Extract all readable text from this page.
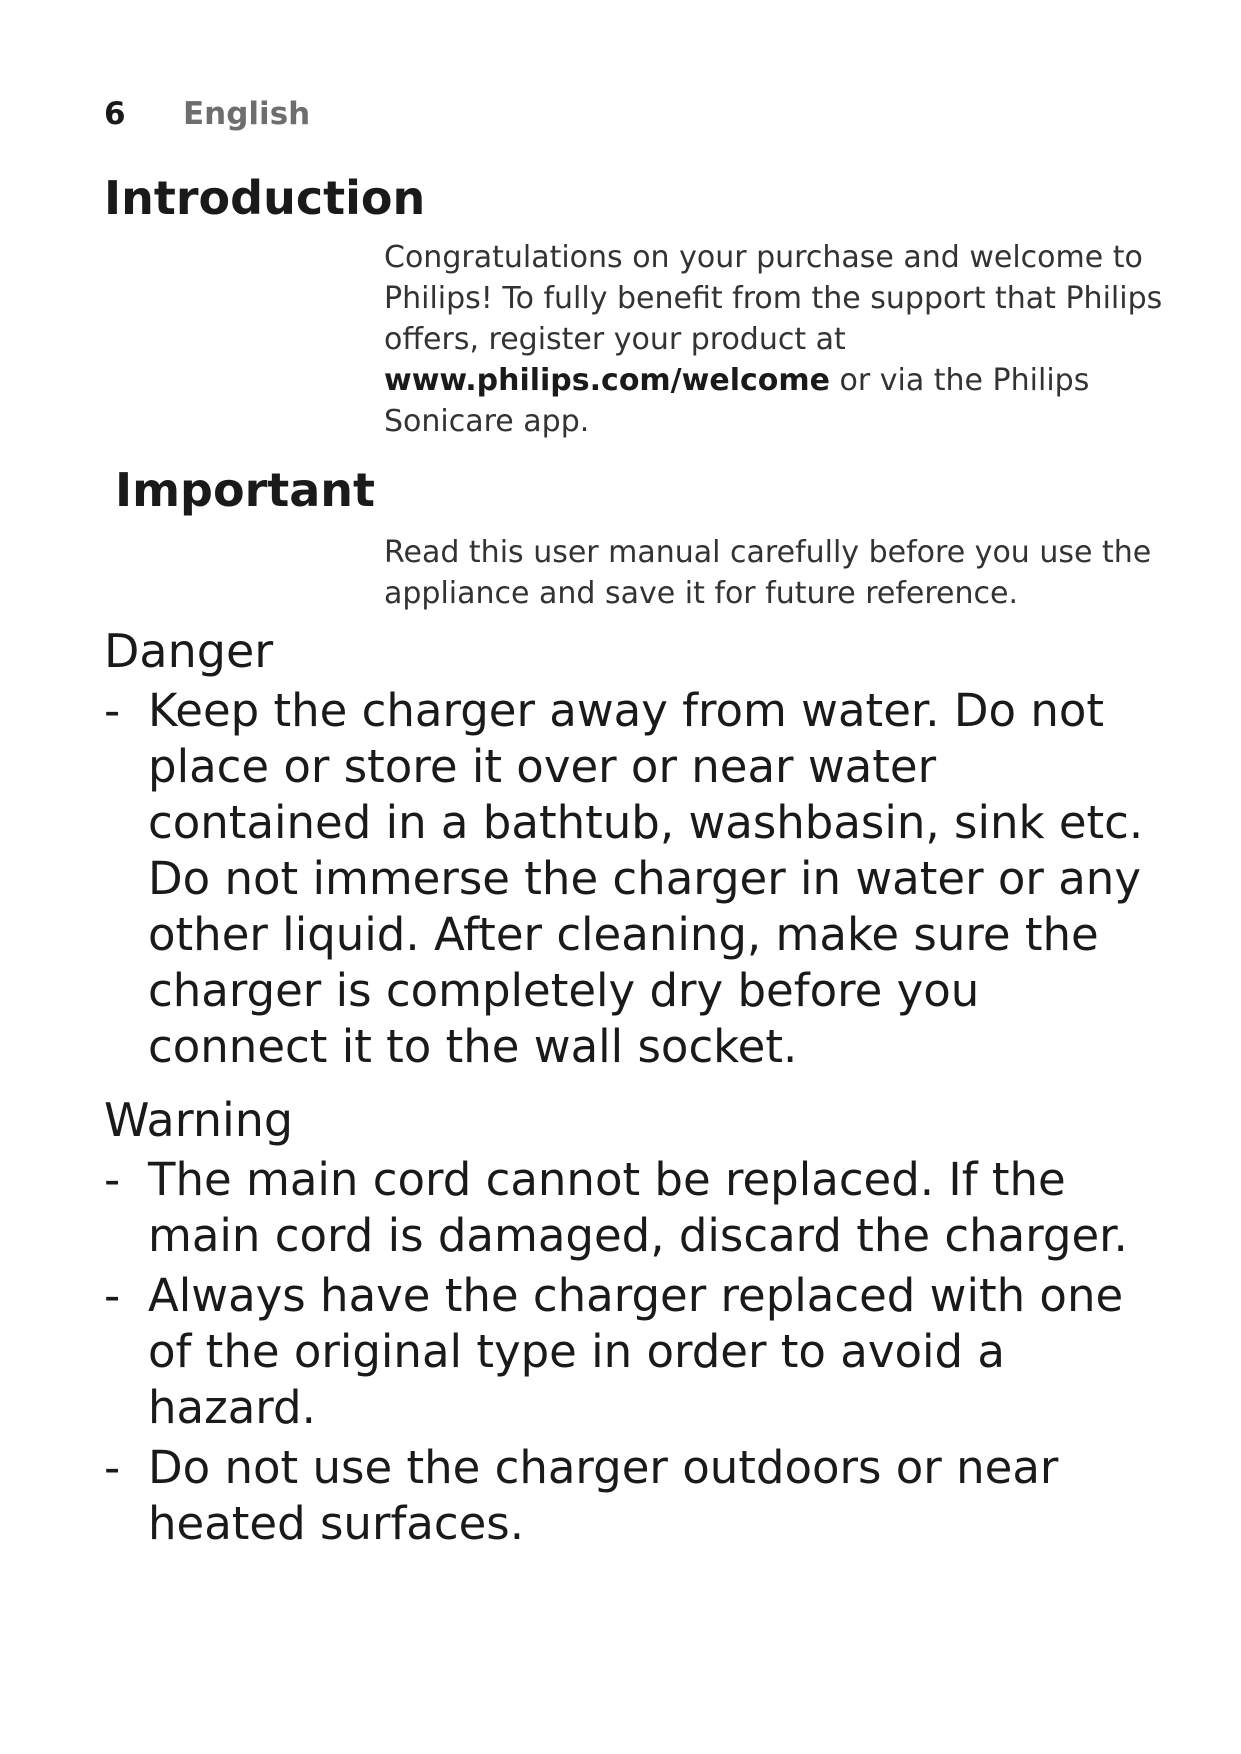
6 English
Introduction

Congratulations on your purchase and welcome to Philips! To fully benefit from the support that Philips offers, register your product at www.philips.com/welcome or via the Philips Sonicare app.

Important

Read this user manual carefully before you use the appliance and save it for future reference.

Danger
- Keep the charger away from water. Do not place or store it over or near water contained in a bathtub, washbasin, sink etc. Do not immerse the charger in water or any other liquid. After cleaning, make sure the charger is completely dry before you connect it to the wall socket.
Warning
- The main cord cannot be replaced. If the main cord is damaged, discard the charger.
- Always have the charger replaced with one of the original type in order to avoid a hazard.
- Do not use the charger outdoors or near heated surfaces.
